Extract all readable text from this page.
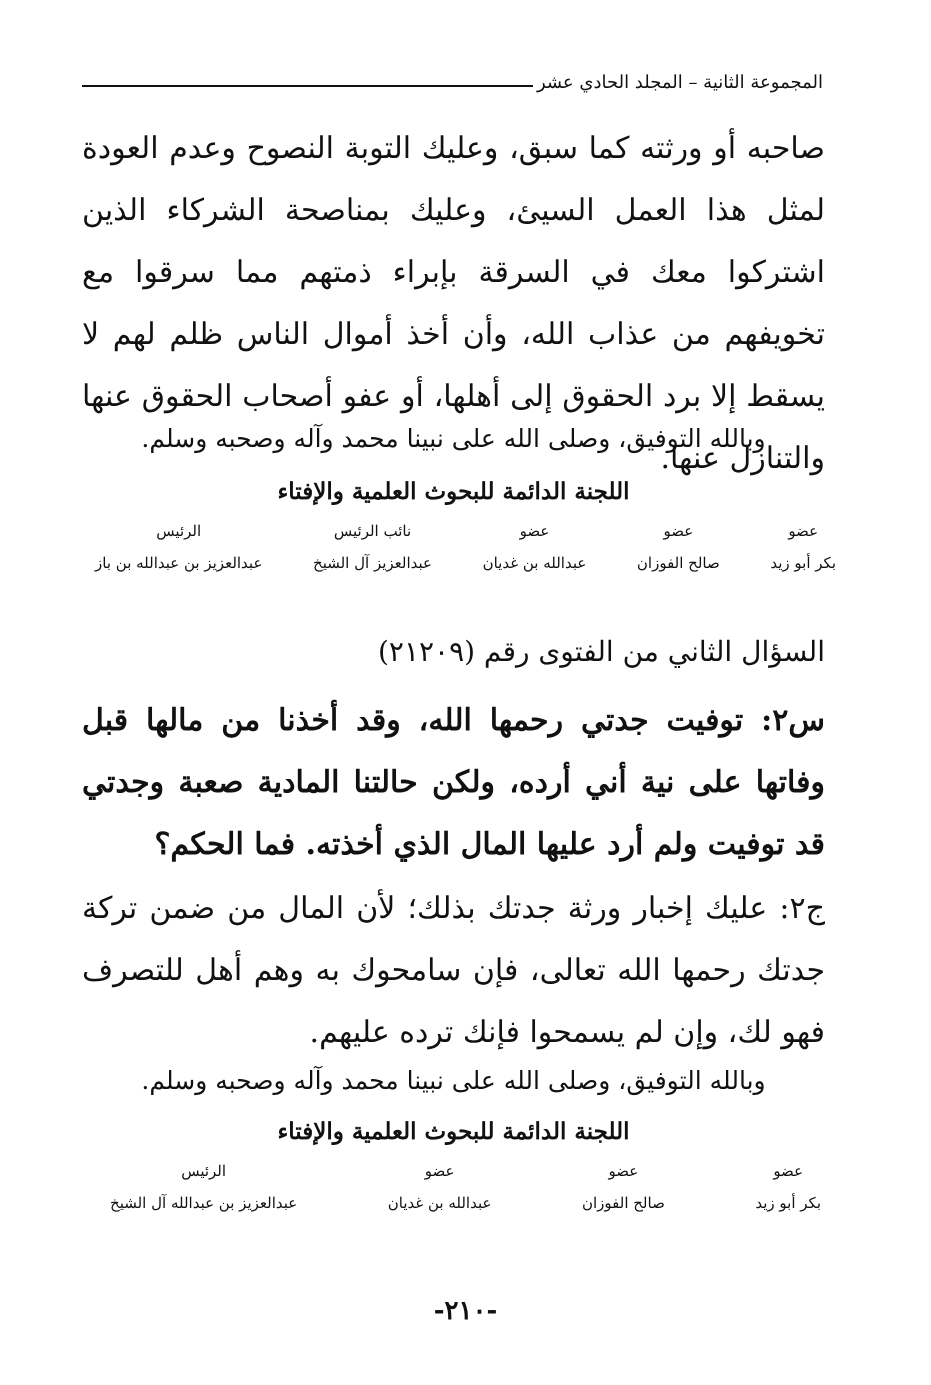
المجموعة الثانية – المجلد الحادي عشر
صاحبه أو ورثته كما سبق، وعليك التوبة النصوح وعدم العودة لمثل هذا العمل السيئ، وعليك بمناصحة الشركاء الذين اشتركوا معك في السرقة بإبراء ذمتهم مما سرقوا مع تخويفهم من عذاب الله، وأن أخذ أموال الناس ظلم لهم لا يسقط إلا برد الحقوق إلى أهلها، أو عفو أصحاب الحقوق عنها والتنازل عنها.
وبالله التوفيق، وصلى الله على نبينا محمد وآله وصحبه وسلم.
اللجنة الدائمة للبحوث العلمية والإفتاء
عضو
بكر أبو زيد
عضو
صالح الفوزان
عضو
عبدالله بن غديان
نائب الرئيس
عبدالعزيز آل الشيخ
الرئيس
عبدالعزيز بن عبدالله بن باز
السؤال الثاني من الفتوى رقم (٢١٢٠٩)
س٢: توفيت جدتي رحمها الله، وقد أخذنا من مالها قبل وفاتها على نية أني أرده، ولكن حالتنا المادية صعبة وجدتي قد توفيت ولم أرد عليها المال الذي أخذته. فما الحكم؟
ج٢: عليك إخبار ورثة جدتك بذلك؛ لأن المال من ضمن تركة جدتك رحمها الله تعالى، فإن سامحوك به وهم أهل للتصرف فهو لك، وإن لم يسمحوا فإنك ترده عليهم.
وبالله التوفيق، وصلى الله على نبينا محمد وآله وصحبه وسلم.
اللجنة الدائمة للبحوث العلمية والإفتاء
عضو
بكر أبو زيد
عضو
صالح الفوزان
عضو
عبدالله بن غديان
الرئيس
عبدالعزيز بن عبدالله آل الشيخ
-٢١٠-
